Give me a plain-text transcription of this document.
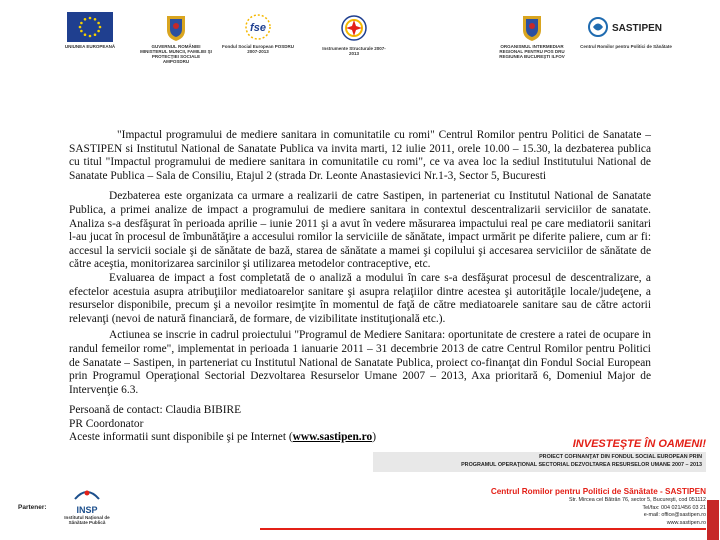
UNIUNEA EUROPEANĂ	GUVERNUL ROMÂNIEI MINISTERUL MUNCII, FAMILIEI ŞI PROTECŢIEI SOCIALE AMPOSDRU
fse
Fondul Social European POSDRU 2007-2013
Instrumente Structurale 2007-2013
ORGANISMUL INTERMEDIAR REGIONAL PENTRU POS DRU REGIUNEA BUCUREŞTI ILFOV
SASTIPEN
Centrul Romilor pentru Politici de Sănătate

"Impactul programului de mediere sanitara in comunitatile cu romi" Centrul Romilor pentru Politici de Sanatate – SASTIPEN si Institutul National de Sanatate Publica va invita marti, 12 iulie 2011, orele 10.00 – 15.30, la dezbaterea publica cu titul "Impactul programului de mediere sanitara in comunitatile cu romi", ce va avea loc la sediul Institutului National de Sanatate Publica – Sala de Consiliu, Etajul 2 (strada Dr. Leonte Anastasievici Nr.1-3, Sector 5, Bucuresti

Dezbaterea este organizata ca urmare a realizarii de catre Sastipen, in parteneriat cu Institutul National de Sanatate Publica, a primei analize de impact a programului de mediere sanitara in contextul descentralizarii serviciilor de sanatate. Analiza s-a desfăşurat în perioada aprilie – iunie 2011 şi a avut în vedere măsurarea impactului real pe care mediatorii sanitari l-au jucat în procesul de îmbunătăţire a accesului romilor la serviciile de sănătate, impact urmărit pe diferite paliere, cum ar fi: accesul la servicii sociale şi de sănătate de bază, starea de sănătate a mamei şi copilului şi accesarea serviciilor de sănătate de către aceştia, monitorizarea sarcinilor şi utilizarea metodelor contraceptive, etc.

Evaluarea de impact a fost completată de o analiză a modului în care s-a desfăşurat procesul de descentralizare, a efectelor acestuia asupra atribuţiilor mediatoarelor sanitare şi asupra relaţiilor dintre acestea şi autorităţile locale/judeţene, a resurselor disponibile, precum şi a nevoilor resimţite în momentul de faţă de către mediatoarele sanitare sau de către actorii relevanţi (nevoi de natură financiară, de formare, de vizibilitate instituţională etc.).

Actiunea se inscrie in cadrul proiectului "Programul de Mediere Sanitara: oportunitate de crestere a ratei de ocupare in randul femeilor rome", implementat in perioada 1 ianuarie 2011 – 31 decembrie 2013 de catre Centrul Romilor pentru Politici de Sanatate – Sastipen, in parteneriat cu Institutul National de Sanatate Publica, proiect co-finanţat din Fondul Social European prin Programul Operaţional Sectorial Dezvoltarea Resurselor Umane 2007 – 2013, Axa prioritară 6, Domeniul Major de Intervenţie 6.3.

Persoană de contact: Claudia BIBIRE

PR Coordonator

Aceste informatii sunt disponibile şi pe Internet (www.sastipen.ro)

INVESTEŞTE ÎN OAMENI!
PROIECT COFINANŢAT DIN FONDUL SOCIAL EUROPEAN PRIN
PROGRAMUL OPERAŢIONAL SECTORIAL DEZVOLTAREA RESURSELOR UMANE 2007 – 2013
Partener:	INSP
Institutul Naţional de Sănătate Publică
Centrul Romilor pentru Politici de Sănătate - SASTIPEN
Str. Mircea cel Bătrân 76, sector 5, Bucureşti, cod 051112
Tel/fax: 004 021/456 03 21
e-mail: office@sastipen.ro
www.sastipen.ro
